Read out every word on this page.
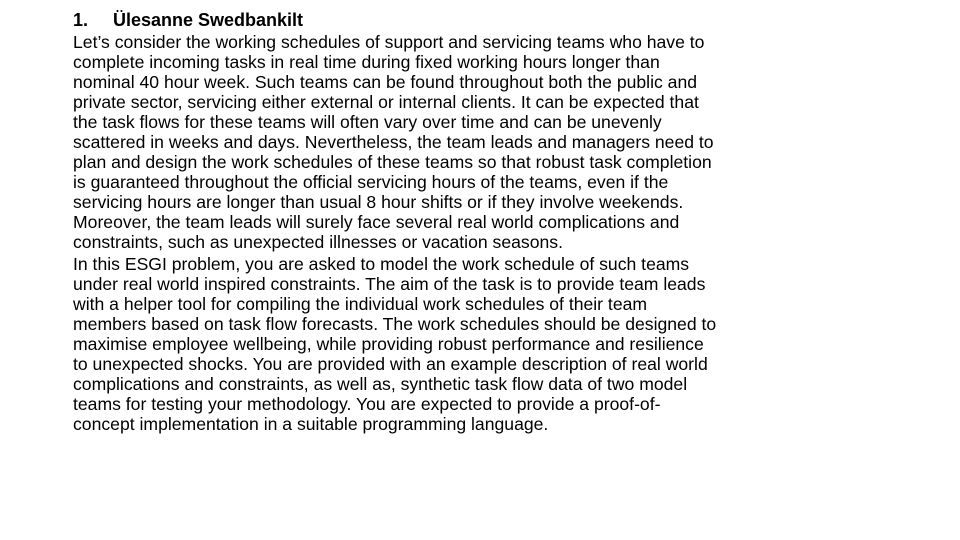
1. Ülesanne Swedbankilt

Let’s consider the working schedules of support and servicing teams who have to
complete incoming tasks in real time during fixed working hours longer than
nominal 40 hour week. Such teams can be found throughout both the public and
private sector, servicing either external or internal clients. It can be expected that
the task flows for these teams will often vary over time and can be unevenly
scattered in weeks and days. Nevertheless, the team leads and managers need to
plan and design the work schedules of these teams so that robust task completion
is guaranteed throughout the official servicing hours of the teams, even if the
servicing hours are longer than usual 8 hour shifts or if they involve weekends.
Moreover, the team leads will surely face several real world complications and
constraints, such as unexpected illnesses or vacation seasons.

In this ESGI problem, you are asked to model the work schedule of such teams
under real world inspired constraints. The aim of the task is to provide team leads
with a helper tool for compiling the individual work schedules of their team
members based on task flow forecasts. The work schedules should be designed to
maximise employee wellbeing, while providing robust performance and resilience
to unexpected shocks. You are provided with an example description of real world
complications and constraints, as well as, synthetic task flow data of two model
teams for testing your methodology. You are expected to provide a proof-of-
concept implementation in a suitable programming language.
